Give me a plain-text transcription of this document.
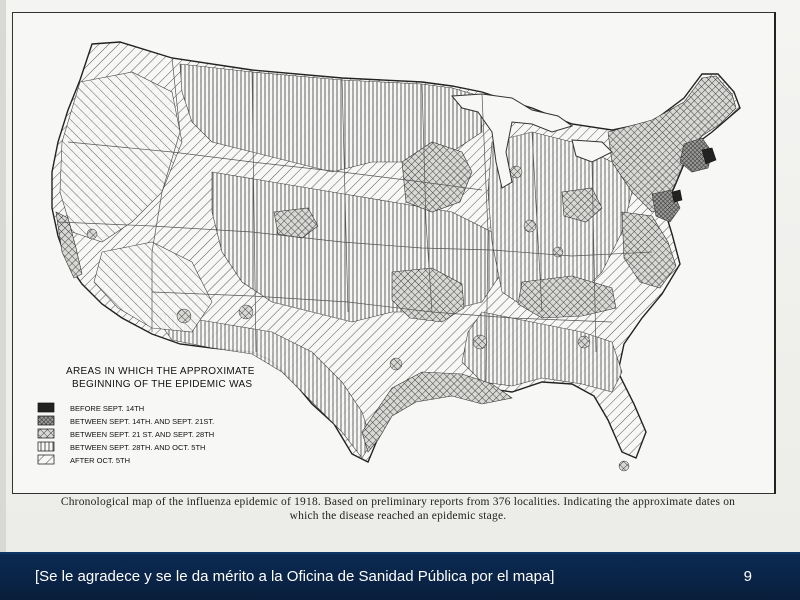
AREAS IN WHICH THE APPROXIMATE
BEGINNING OF THE EPIDEMIC WAS
BEFORE SEPT. 14TH
BETWEEN SEPT. 14TH. AND SEPT. 21ST.
BETWEEN SEPT. 21 ST. AND SEPT. 28TH
BETWEEN SEPT. 28TH. AND OCT. 5TH
AFTER OCT. 5TH
Chronological map of the influenza epidemic of 1918. Based on preliminary reports from 376 localities. Indicating the approximate dates on
which the disease reached an epidemic stage.
[Se le agradece y se le da mérito a la Oficina de Sanidad Pública por el mapa]	9
